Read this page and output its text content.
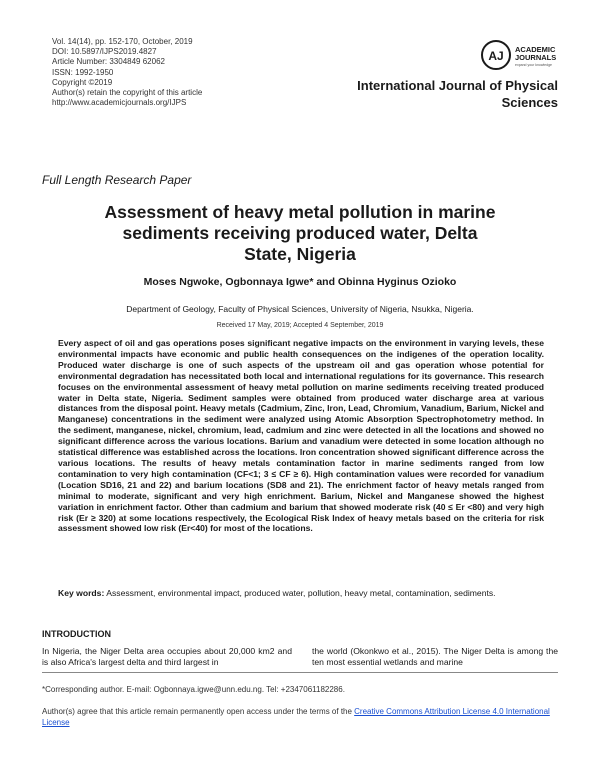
Vol. 14(14), pp. 152-170, October, 2019
DOI: 10.5897/IJPS2019.4827
Article Number: 3304849 62062
ISSN: 1992-1950
Copyright ©2019
Author(s) retain the copyright of this article
http://www.academicjournals.org/IJPS
AJ ACADEMIC
JOURNALS
expand your knowledge
International Journal of Physical
Sciences
Full Length Research Paper
Assessment of heavy metal pollution in marine
sediments receiving produced water, Delta
State, Nigeria
Moses Ngwoke, Ogbonnaya Igwe* and Obinna Hyginus Ozioko
Department of Geology, Faculty of Physical Sciences, University of Nigeria, Nsukka, Nigeria.
Received 17 May, 2019; Accepted 4 September, 2019
Every aspect of oil and gas operations poses significant negative impacts on the environment in varying levels, these environmental impacts have economic and public health consequences on the indigenes of the operation locality. Produced water discharge is one of such aspects of the upstream oil and gas operation whose potential for environmental degradation has necessitated both local and international regulations for its governance. This research focuses on the environmental assessment of heavy metal pollution on marine sediments receiving treated produced water in Delta state, Nigeria. Sediment samples were obtained from produced water discharge area at various distances from the disposal point. Heavy metals (Cadmium, Zinc, Iron, Lead, Chromium, Vanadium, Barium, Nickel and Manganese) concentrations in the sediment were analyzed using Atomic Absorption Spectrophotometry method. In the sediment, manganese, nickel, chromium, lead, cadmium and zinc were detected in all the locations and showed no significant difference across the various locations. Barium and vanadium were detected in some location although no statistical difference was established across the locations. Iron concentration showed significant difference across the various locations. The results of heavy metals contamination factor in marine sediments ranged from low contamination to very high contamination (CF<1; 3 ≤ CF ≥ 6). High contamination values were recorded for vanadium (Location SD16, 21 and 22) and barium locations (SD8 and 21). The enrichment factor of heavy metals ranged from minimal to moderate, significant and very high enrichment. Barium, Nickel and Manganese showed the highest variation in enrichment factor. Other than cadmium and barium that showed moderate risk (40 ≤ Er <80) and very high risk (Er ≥ 320) at some locations respectively, the Ecological Risk Index of heavy metals based on the criteria for risk assessment showed low risk (Er<40) for most of the locations.
Key words: Assessment, environmental impact, produced water, pollution, heavy metal, contamination, sediments.
INTRODUCTION
In Nigeria, the Niger Delta area occupies about 20,000 km2 and is also Africa's largest delta and third largest in
the world (Okonkwo et al., 2015). The Niger Delta is among the ten most essential wetlands and marine
*Corresponding author. E-mail: Ogbonnaya.igwe@unn.edu.ng. Tel: +2347061182286.
Author(s) agree that this article remain permanently open access under the terms of the Creative Commons Attribution License 4.0 International License
